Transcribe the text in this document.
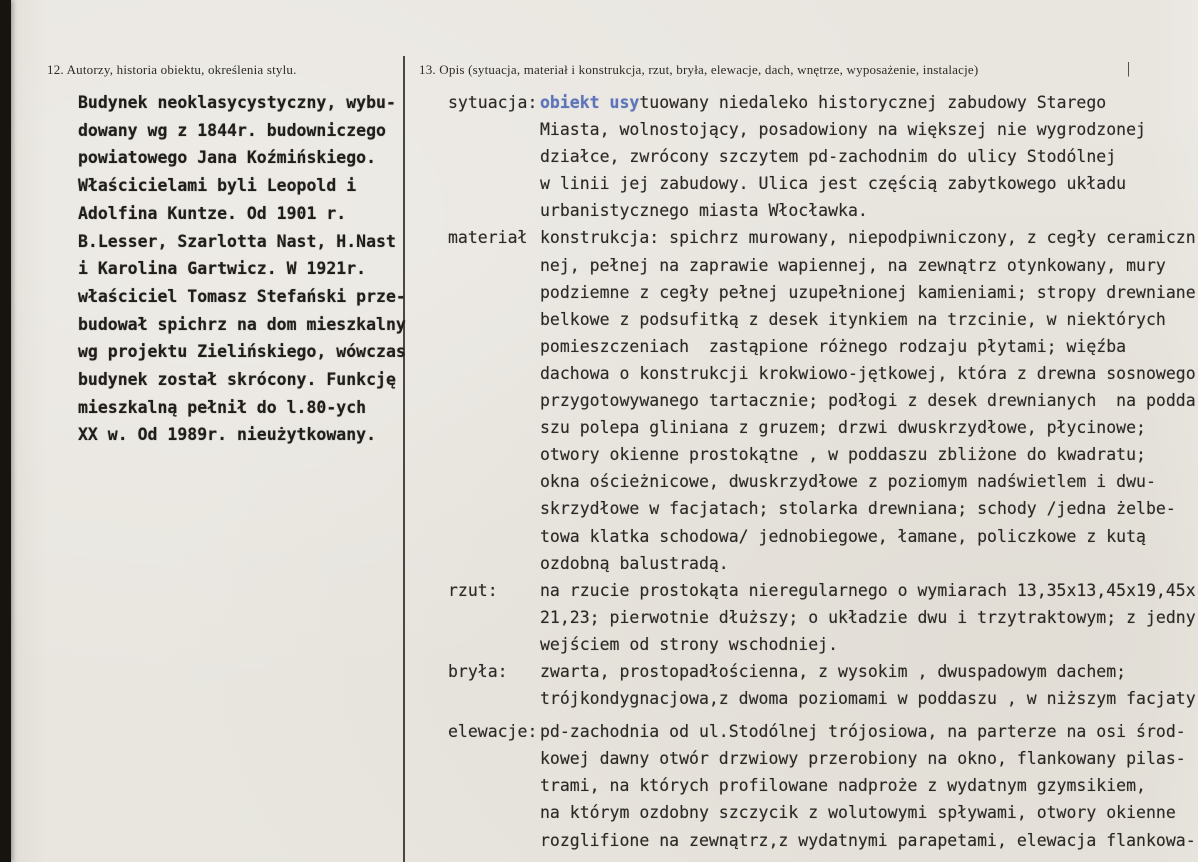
12. Autorzy, historia obiektu, określenia stylu.	13. Opis (sytuacja, materiał i konstrukcja, rzut, bryła, elewacje, dach, wnętrze, wyposażenie, instalacje)	|
Budynek neoklasycystyczny, wybu-
dowany wg z 1844r. budowniczego
powiatowego Jana Koźmińskiego.
Właścicielami byli Leopold i
Adolfina Kuntze. Od 1901 r.
B.Lesser, Szarlotta Nast, H.Nast
i Karolina Gartwicz. W 1921r.
właściciel Tomasz Stefański prze-
budował spichrz na dom mieszkalny
wg projektu Zielińskiego, wówczas
budynek został skrócony. Funkcję
mieszkalną pełnił do l.80-ych
XX w. Od 1989r. nieużytkowany.
sytuacja: obiekt usytuowany niedaleko historycznej zabudowy Starego
Miasta, wolnostojący, posadowiony na większej nie wygrodzonej
działce, zwrócony szczytem pd-zachodnim do ulicy Stodólnej
w linii jej zabudowy. Ulica jest częścią zabytkowego układu
urbanistycznego miasta Włocławka.
materiał konstrukcja: spichrz murowany, niepodpiwniczony, z cegły ceramiczn
nej, pełnej na zaprawie wapiennej, na zewnątrz otynkowany, mury
podziemne z cegły pełnej uzupełnionej kamieniami; stropy drewniane
belkowe z podsufitką z desek itynkiem na trzcinie, w niektórych
pomieszczeniach  zastąpione różnego rodzaju płytami; więźba
dachowa o konstrukcji krokwiowo-jętkowej, która z drewna sosnowego
przygotowywanego tartacznie; podłogi z desek drewnianych  na podda
szu polepa gliniana z gruzem; drzwi dwuskrzydłowe, płycinowe;
otwory okienne prostokątne , w poddaszu zbliżone do kwadratu;
okna ościeżnicowe, dwuskrzydłowe z poziomym nadświetlem i dwu-
skrzydłowe w facjatach; stolarka drewniana; schody /jedna żelbe-
towa klatka schodowa/ jednobiegowe, łamane, policzkowe z kutą
ozdobną balustradą.
rzut:	na rzucie prostokąta nieregularnego o wymiarach 13,35x13,45x19,45x
21,23; pierwotnie dłuższy; o układzie dwu i trzytraktowym; z jedny
wejściem od strony wschodniej.
bryła: zwarta, prostopadłościenna, z wysokim , dwuspadowym dachem;
trójkondygnacjowa,z dwoma poziomami w poddaszu , w niższym facjaty
elewacje: pd-zachodnia od ul.Stodólnej trójosiowa, na parterze na osi środ-
kowej dawny otwór drzwiowy przerobiony na okno, flankowany pilas-
trami, na których profilowane nadproże z wydatnym gzymsikiem,
na którym ozdobny szczycik z wolutowymi spływami, otwory okienne
rozglifione na zewnątrz,z wydatnymi parapetami, elewacja flankowa-
